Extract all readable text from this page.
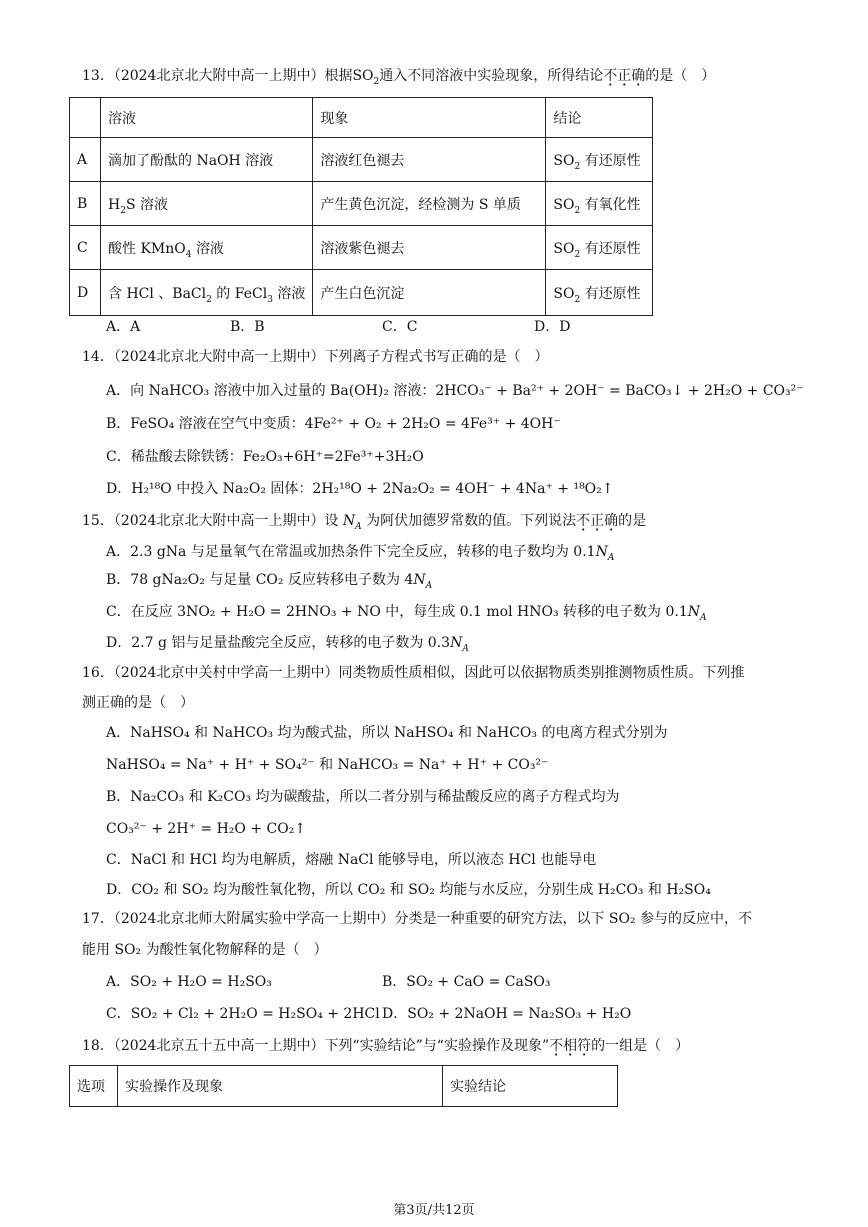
13．（2024北京北大附中高一上期中）根据$SO_2$通入不同溶液中实验现象，所得结论不正确的是（　）
	溶液	现象	结论
A	滴加了酚酞的 NaOH 溶液	溶液红色褪去	$SO_2$ 有还原性
B	$H_2S$ 溶液	产生黄色沉淀，经检测为 S 单质	$SO_2$ 有氧化性
C	酸性 KMnO$_4$ 溶液	溶液紫色褪去	$SO_2$ 有还原性
D	含 HCl 、BaCl$_2$ 的 FeCl$_3$ 溶液	产生白色沉淀	$SO_2$ 有还原性
A．A	B．B	C．C	D．D
14．（2024北京北大附中高一上期中）下列离子方程式书写正确的是（　）
A．向 NaHCO₃ 溶液中加入过量的 Ba(OH)₂ 溶液：2HCO₃⁻ + Ba²⁺ + 2OH⁻ = BaCO₃↓ + 2H₂O + CO₃²⁻
B．FeSO₄ 溶液在空气中变质：4Fe²⁺ + O₂ + 2H₂O = 4Fe³⁺ + 4OH⁻
C．稀盐酸去除铁锈：Fe₂O₃+6H⁺=2Fe³⁺+3H₂O
D．H₂¹⁸O 中投入 Na₂O₂ 固体：2H₂¹⁸O + 2Na₂O₂ = 4OH⁻ + 4Na⁺ + ¹⁸O₂↑
15．（2024北京北大附中高一上期中）设 $N_A$ 为阿伏加德罗常数的值。下列说法不正确的是
A．2.3 gNa 与足量氧气在常温或加热条件下完全反应，转移的电子数均为 $0.1N_A$
B．78 gNa₂O₂ 与足量 CO₂ 反应转移电子数为 $4N_A$
C．在反应 3NO₂ + H₂O = 2HNO₃ + NO 中，每生成 0.1 mol HNO₃ 转移的电子数为 $0.1N_A$
D．2.7 g 铝与足量盐酸完全反应，转移的电子数为 $0.3N_A$
16．（2024北京中关村中学高一上期中）同类物质性质相似，因此可以依据物质类别推测物质性质。下列推
测正确的是（　）
A．NaHSO₄ 和 NaHCO₃ 均为酸式盐，所以 NaHSO₄ 和 NaHCO₃ 的电离方程式分别为
NaHSO₄ = Na⁺ + H⁺ + SO₄²⁻ 和 NaHCO₃ = Na⁺ + H⁺ + CO₃²⁻
B．Na₂CO₃ 和 K₂CO₃ 均为碳酸盐，所以二者分别与稀盐酸反应的离子方程式均为
CO₃²⁻ + 2H⁺ = H₂O + CO₂↑
C．NaCl 和 HCl 均为电解质，熔融 NaCl 能够导电，所以液态 HCl 也能导电
D．CO₂ 和 SO₂ 均为酸性氧化物，所以 CO₂ 和 SO₂ 均能与水反应，分别生成 H₂CO₃ 和 H₂SO₄
17．（2024北京北师大附属实验中学高一上期中）分类是一种重要的研究方法，以下 SO₂ 参与的反应中，不
能用 SO₂ 为酸性氧化物解释的是（　）
A．SO₂ + H₂O = H₂SO₃	B．SO₂ + CaO = CaSO₃
C．SO₂ + Cl₂ + 2H₂O = H₂SO₄ + 2HCl D．SO₂ + 2NaOH = Na₂SO₃ + H₂O
18．（2024北京五十五中高一上期中）下列“实验结论”与“实验操作及现象”不相符的一组是（　）
选项	实验操作及现象	实验结论
第3页/共12页
